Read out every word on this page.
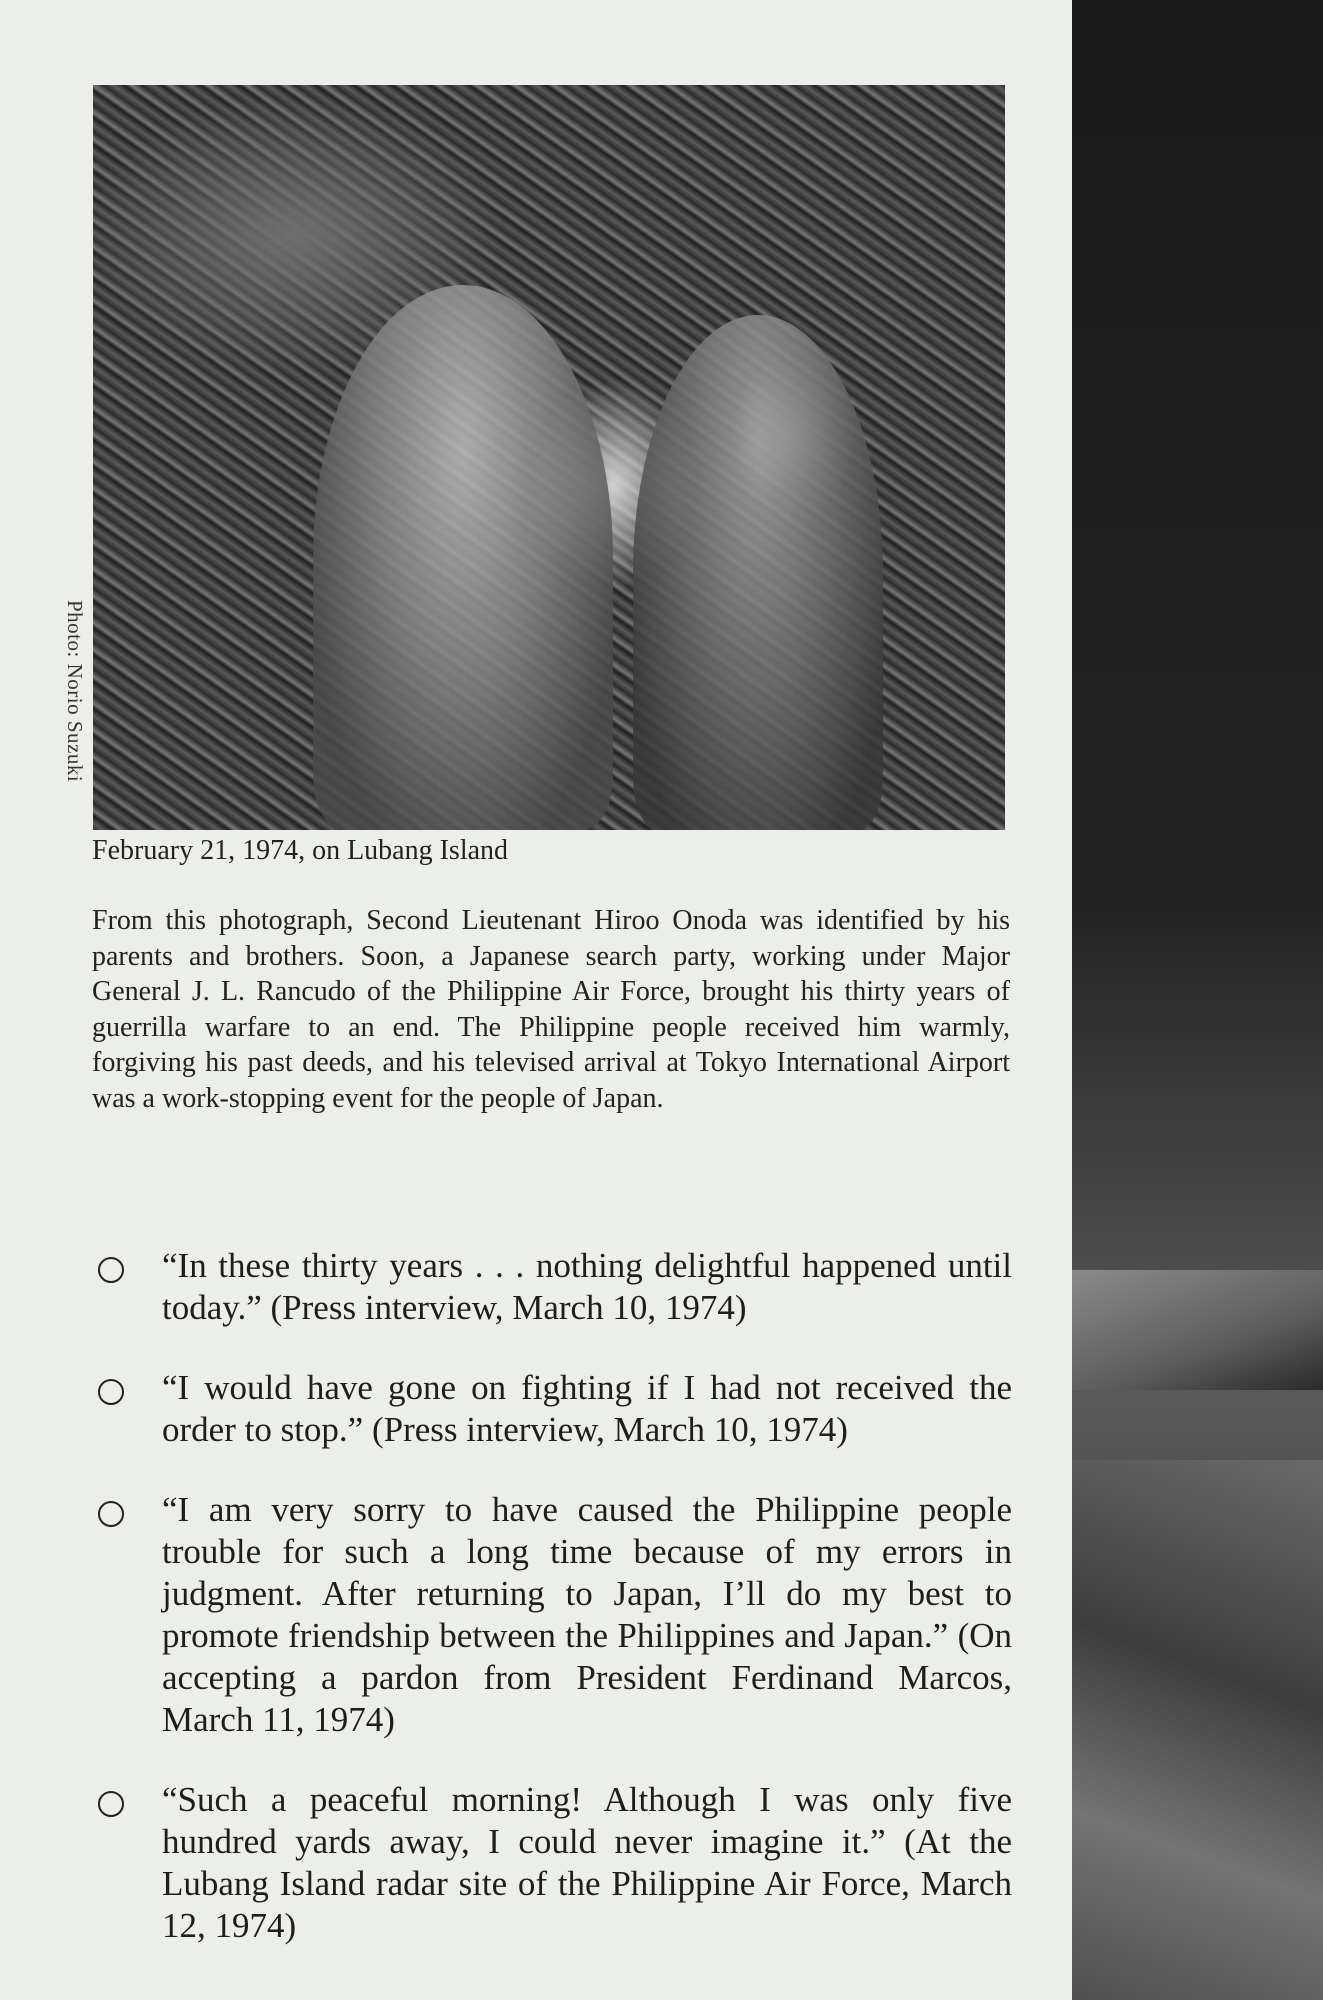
Photo: Norio Suzuki
February 21, 1974, on Lubang Island
From this photograph, Second Lieutenant Hiroo Onoda was identified by his parents and brothers. Soon, a Japanese search party, working under Major General J. L. Rancudo of the Philippine Air Force, brought his thirty years of guerrilla warfare to an end. The Philippine people received him warmly, forgiving his past deeds, and his televised arrival at Tokyo International Airport was a work-stopping event for the people of Japan.
“In these thirty years . . . nothing delightful happened until today.” (Press interview, March 10, 1974)
“I would have gone on fighting if I had not received the order to stop.” (Press interview, March 10, 1974)
“I am very sorry to have caused the Philippine people trouble for such a long time because of my errors in judgment. After returning to Japan, I’ll do my best to promote friendship between the Philippines and Japan.” (On accepting a pardon from President Ferdinand Marcos, March 11, 1974)
“Such a peaceful morning! Although I was only five hundred yards away, I could never imagine it.” (At the Lubang Island radar site of the Philippine Air Force, March 12, 1974)
